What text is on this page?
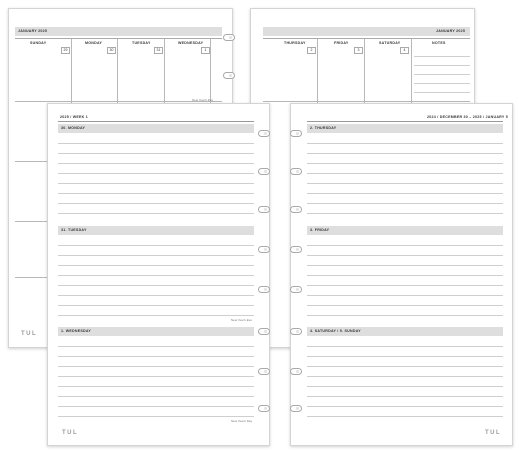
JANUARY 2025
SUNDAY	MONDAY	TUESDAY	WEDNESDAY
29	30	31	1
New Year's Day
TUL
JANUARY 2025
THURSDAY	FRIDAY	SATURDAY	NOTES
2	3	4
2025 / WEEK 1
30. MONDAY
31. TUESDAY
New Year's Eve
1. WEDNESDAY
New Year's Day
TUL
2024 / DECEMBER 30 – 2025 / JANUARY 5
2. THURSDAY
3. FRIDAY
4. SATURDAY / 5. SUNDAY
TUL
